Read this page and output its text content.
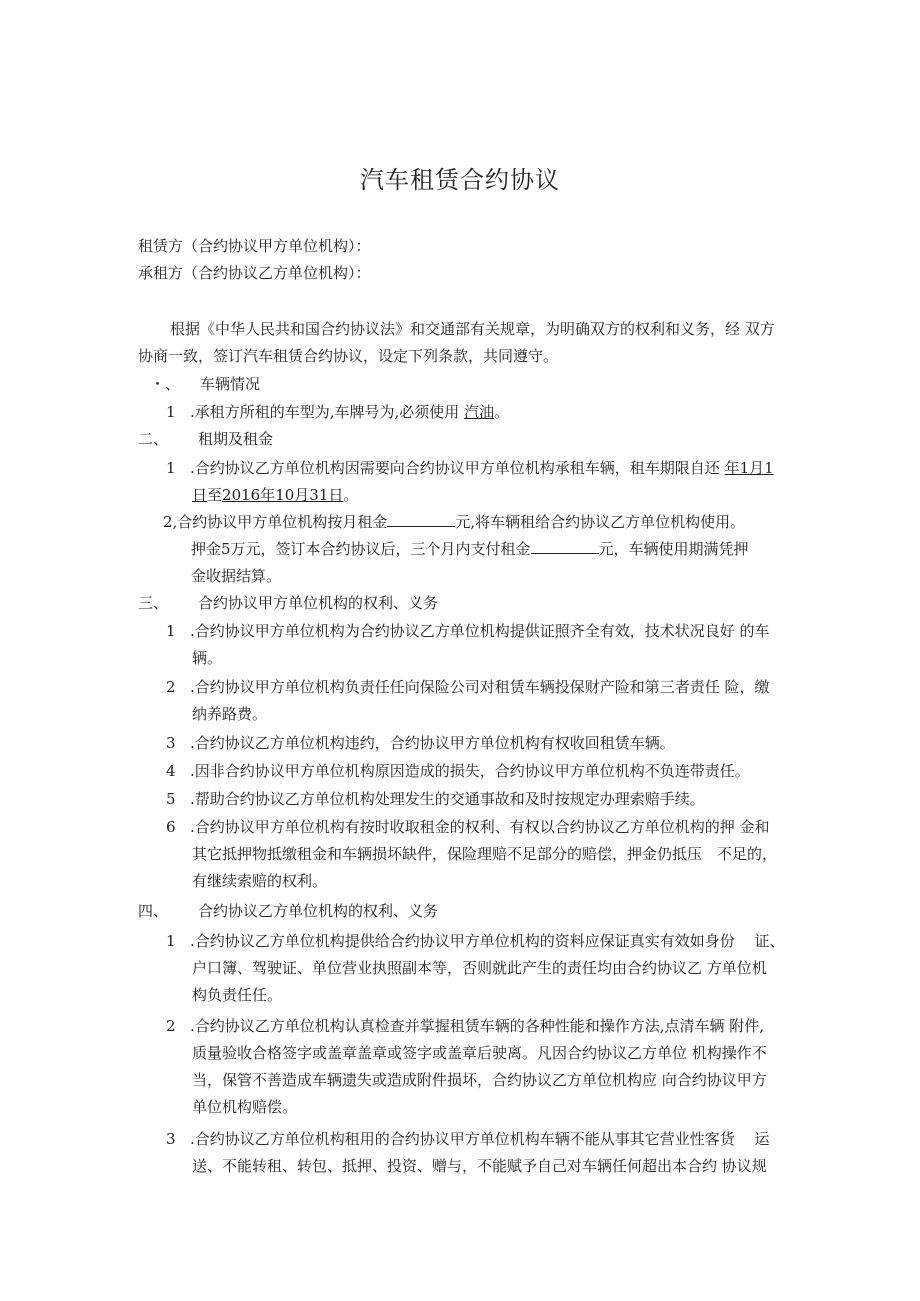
汽车租赁合约协议
租赁方（合约协议甲方单位机构）：
承租方（合约协议乙方单位机构）：

根据《中华人民共和国合约协议法》和交通部有关规章，为明确双方的权利和义务，经 双方

协商一致，签订汽车租赁合约协议，设定下列条款，共同遵守。

・、 车辆情况
1 .承租方所租的车型为,车牌号为,必须使用 汽油。
二、 租期及租金
1 .合约协议乙方单位机构因需要向合约协议甲方单位机构承租车辆，租车期限自还 年1月1
日至2016年10月31日。
2,合约协议甲方单位机构按月租金	元,将车辆租给合约协议乙方单位机构使用。
押金5万元，签订本合约协议后，三个月内支付租金	元，车辆使用期满凭押
金收据结算。
三、 合约协议甲方单位机构的权利、义务
1 .合约协议甲方单位机构为合约协议乙方单位机构提供证照齐全有效，技术状况良好 的车
辆。
2 .合约协议甲方单位机构负责任任向保险公司对租赁车辆投保财产险和第三者责任 险，缴
纳养路费。
3 .合约协议乙方单位机构违约，合约协议甲方单位机构有权收回租赁车辆。
4 .因非合约协议甲方单位机构原因造成的损失，合约协议甲方单位机构不负连带责任。
5 .帮助合约协议乙方单位机构处理发生的交通事故和及时按规定办理索赔手续。
6 .合约协议甲方单位机构有按时收取租金的权利、有权以合约协议乙方单位机构的押 金和
其它抵押物抵缴租金和车辆损坏缺件，保险理赔不足部分的赔偿，押金仍抵压　不足的，
有继续索赔的权利。
四、 合约协议乙方单位机构的权利、义务
1 .合约协议乙方单位机构提供给合约协议甲方单位机构的资料应保证真实有效如身份　 证、
户口簿、驾驶证、单位营业执照副本等，否则就此产生的责任均由合约协议乙 方单位机
构负责任任。
2 .合约协议乙方单位机构认真检查并掌握租赁车辆的各种性能和操作方法,点清车辆 附件,
质量验收合格签字或盖章盖章或签字或盖章后驶离。凡因合约协议乙方单位 机构操作不
当，保管不善造成车辆遗失或造成附件损坏，合约协议乙方单位机构应 向合约协议甲方
单位机构赔偿。
3 .合约协议乙方单位机构租用的合约协议甲方单位机构车辆不能从事其它营业性客货　 运
送、不能转租、转包、抵押、投资、赠与，不能赋予自己对车辆任何超出本合约 协议规
